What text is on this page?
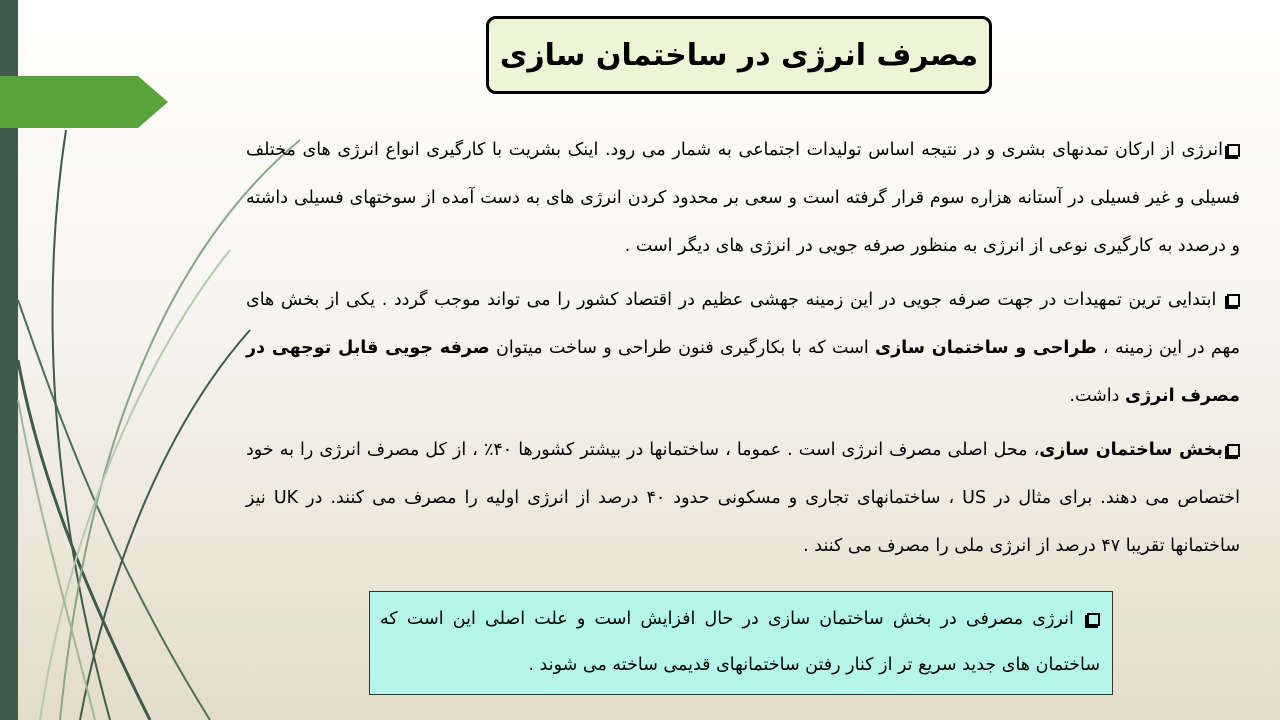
مصرف انرژی در ساختمان سازی

انرژی از ارکان تمدنهای بشری و در نتیجه اساس تولیدات اجتماعی به شمار می رود. اینک بشریت با کارگیری انواع انرژی های مختلف فسیلی و غیر فسیلی در آستانه هزاره سوم قرار گرفته است و سعی بر محدود کردن انرژی های به دست آمده از سوختهای فسیلی داشته و درصدد به کارگیری نوعی از انرژی به منظور صرفه جویی در انرژی های دیگر است .

ابتدایی ترین تمهیدات در جهت صرفه جویی در این زمینه جهشی عظیم در اقتصاد کشور را می تواند موجب گردد . یکی از بخش های مهم در این زمینه ، طراحی و ساختمان سازی است که با بکارگیری فنون طراحی و ساخت میتوان صرفه جویی قابل توجهی در مصرف انرژی داشت.

بخش ساختمان سازی، محل اصلی مصرف انرژی است . عموما ، ساختمانها در بیشتر کشورها ۴۰٪ ، از کل مصرف انرژی را به خود اختصاص می دهند. برای مثال در US ، ساختمانهای تجاری و مسکونی حدود ۴۰ درصد از انرژی اولیه را مصرف می کنند. در UK نیز ساختمانها تقریبا ۴۷ درصد از انرژی ملی را مصرف می کنند .

انرژی مصرفی در بخش ساختمان سازی در حال افزایش است و علت اصلی این است که ساختمان های جدید سریع تر از کنار رفتن ساختمانهای قدیمی ساخته می شوند .
